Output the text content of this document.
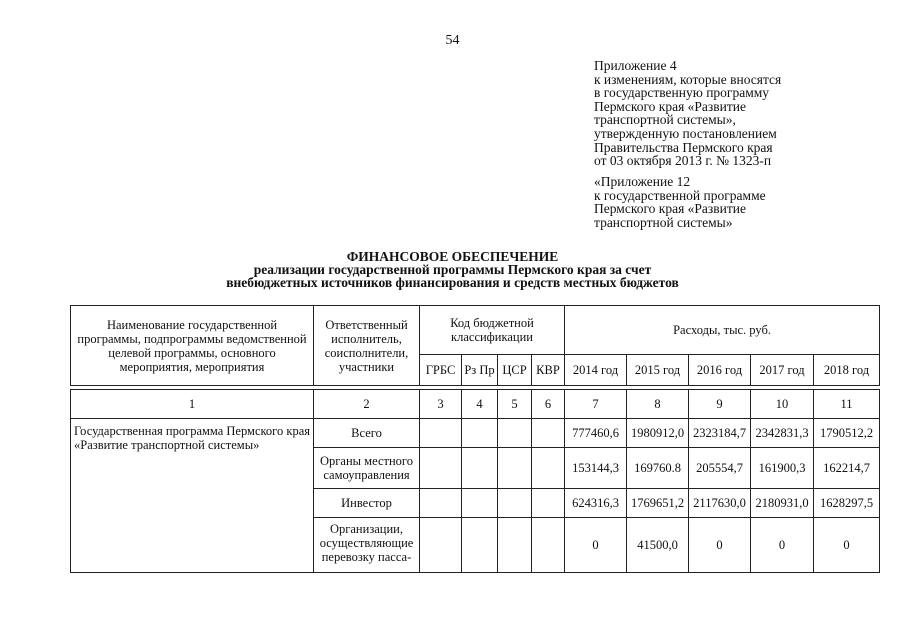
54
Приложение 4
к изменениям, которые вносятся
в государственную программу
Пермского края «Развитие
транспортной системы»,
утвержденную постановлением
Правительства Пермского края
от 03 октября 2013 г. № 1323-п
«Приложение 12
к государственной программе
Пермского края «Развитие
транспортной системы»
ФИНАНСОВОЕ ОБЕСПЕЧЕНИЕ
реализации государственной программы Пермского края за счет
внебюджетных источников финансирования и средств местных бюджетов
Наименование государственной программы, подпрограммы ведомственной целевой программы, основного мероприятия, мероприятия	Ответственный исполнитель, соисполнители, участники	Код бюджетной классификации				Расходы, тыс. руб.				
		ГРБС	Рз Пр	ЦСР	КВР	2014 год	2015 год	2016 год	2017 год	2018 год

1	2	3	4	5	6	7	8	9	10	11
Государственная программа Пермского края «Развитие транспортной системы»	Всего					777460,6	1980912,0	2323184,7	2342831,3	1790512,2
	Органы местного самоуправления					153144,3	169760.8	205554,7	161900,3	162214,7
	Инвестор					624316,3	1769651,2	2117630,0	2180931,0	1628297,5
	Организации, осуществляющие перевозку пасса-					0	41500,0	0	0	0
